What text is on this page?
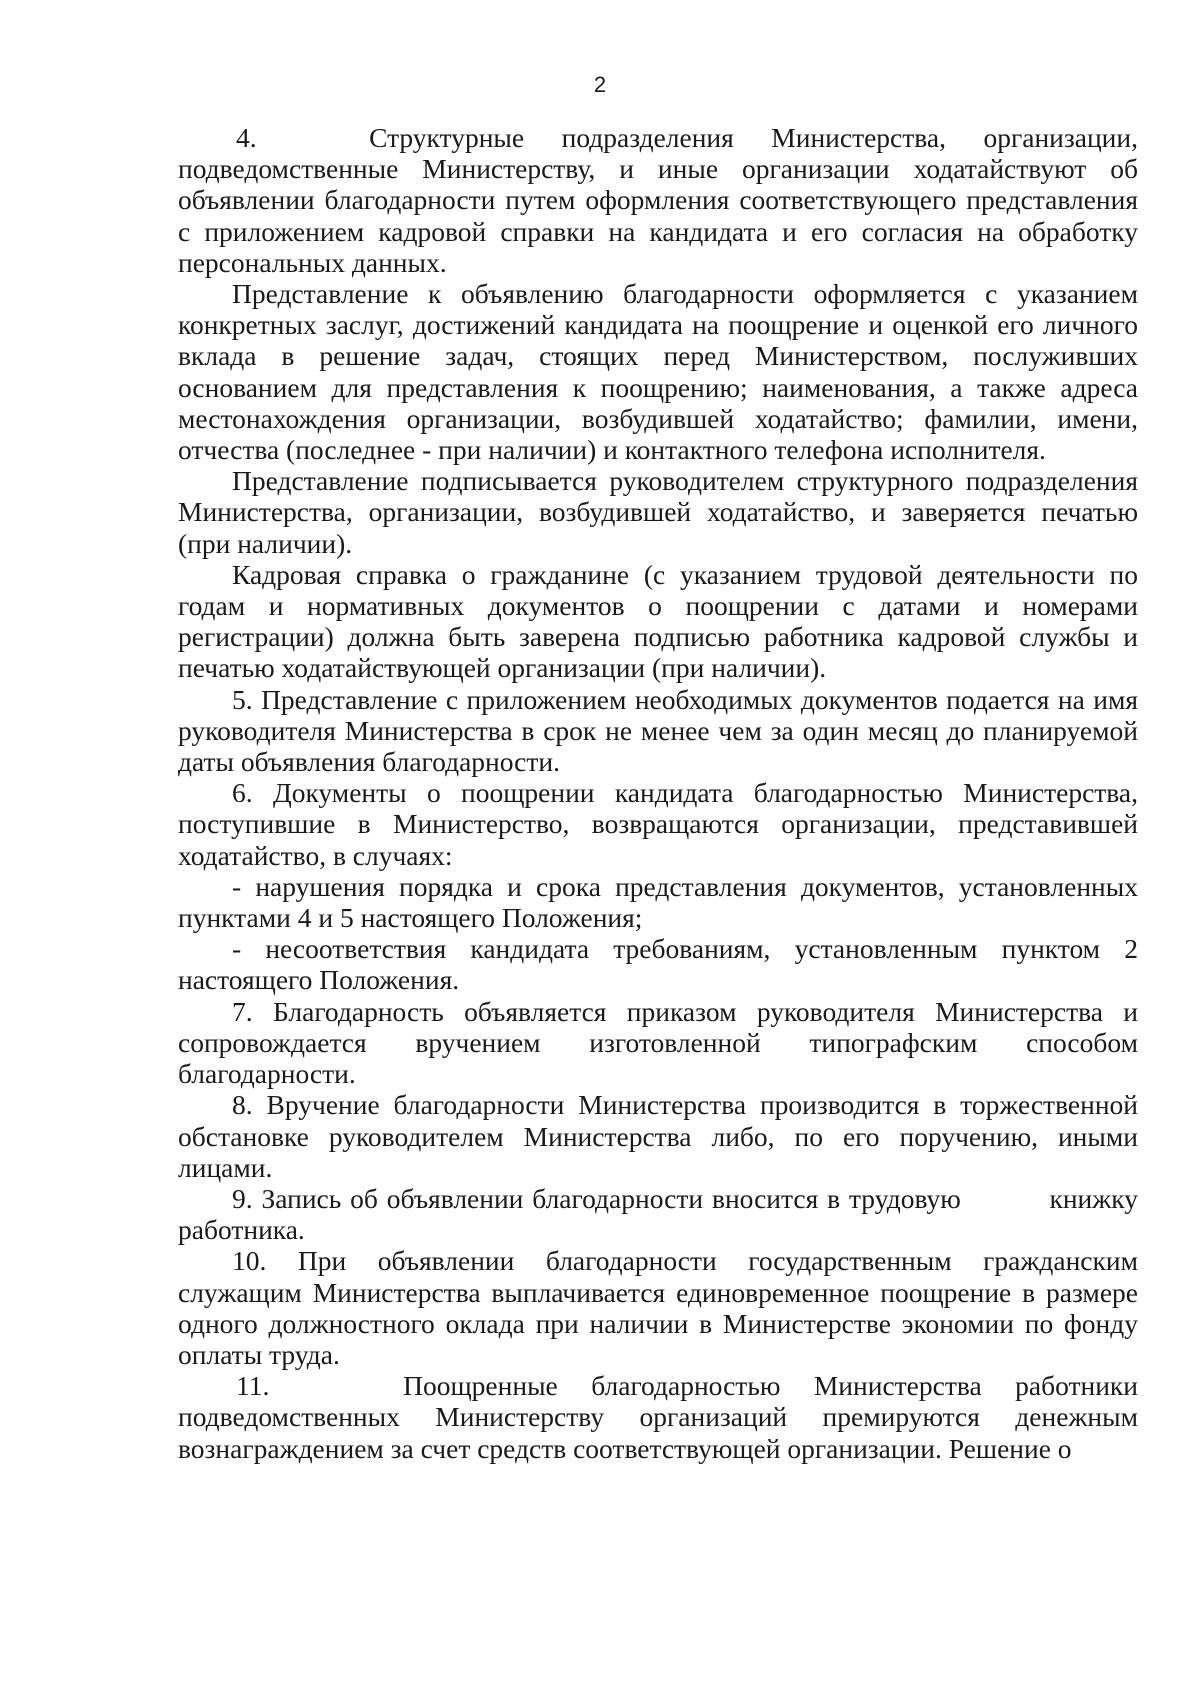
2

4.   Структурные подразделения Министерства, организации, подведомственные Министерству, и иные организации ходатайствуют об объявлении благодарности путем оформления соответствующего представления с приложением кадровой справки на кандидата и его согласия на обработку персональных данных.

Представление к объявлению благодарности оформляется с указанием конкретных заслуг, достижений кандидата на поощрение и оценкой его личного вклада в решение задач, стоящих перед Министерством, послуживших основанием для представления к поощрению; наименования, а также адреса местонахождения организации, возбудившей ходатайство; фамилии, имени, отчества (последнее - при наличии) и контактного телефона исполнителя.

Представление подписывается руководителем структурного подразделения Министерства, организации, возбудившей ходатайство, и заверяется печатью (при наличии).

Кадровая справка о гражданине (с указанием трудовой деятельности по годам и нормативных документов о поощрении с датами и номерами регистрации) должна быть заверена подписью работника кадровой службы и печатью ходатайствующей организации (при наличии).

5. Представление с приложением необходимых документов подается на имя руководителя Министерства в срок не менее чем за один месяц до планируемой даты объявления благодарности.

6. Документы о поощрении кандидата благодарностью Министерства, поступившие в Министерство, возвращаются организации, представившей ходатайство, в случаях:

- нарушения порядка и срока представления документов, установленных пунктами 4 и 5 настоящего Положения;

- несоответствия кандидата требованиям, установленным пунктом 2 настоящего Положения.

7. Благодарность объявляется приказом руководителя Министерства и сопровождается вручением изготовленной типографским способом благодарности.

8. Вручение благодарности Министерства производится в торжественной обстановке руководителем Министерства либо, по его поручению, иными лицами.

9. Запись об объявлении благодарности вносится в трудовую          книжку работника.

10. При объявлении благодарности государственным гражданским служащим Министерства выплачивается единовременное поощрение в размере одного должностного оклада при наличии в Министерстве экономии по фонду оплаты труда.

11.    Поощренные благодарностью Министерства работники подведомственных Министерству организаций премируются денежным вознаграждением за счет средств соответствующей организации. Решение о
